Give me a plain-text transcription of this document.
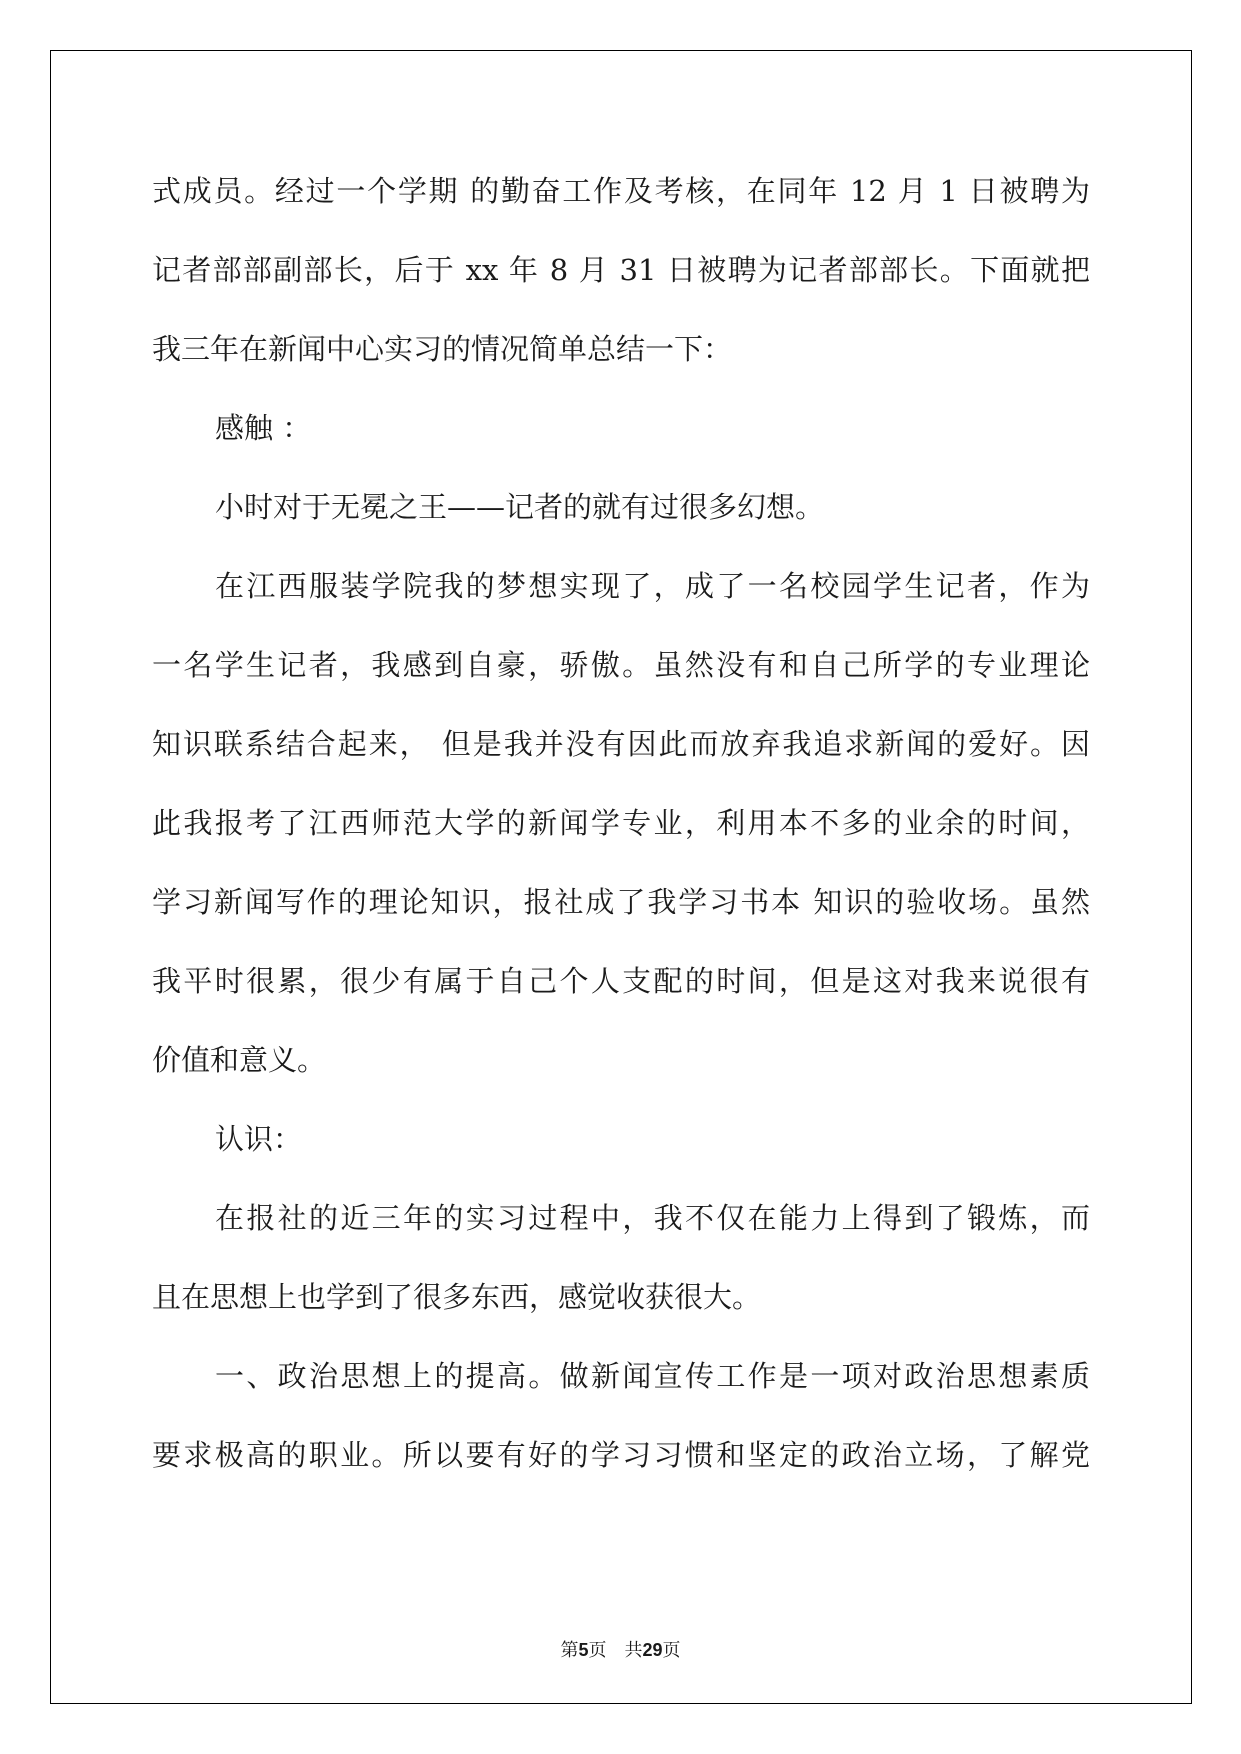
式成员。经过一个学期 的勤奋工作及考核，在同年 12 月 1 日被聘为

记者部部副部长，后于 xx 年 8 月 31 日被聘为记者部部长。下面就把

我三年在新闻中心实习的情况简单总结一下：

感触 ：

小时对于无冕之王——记者的就有过很多幻想。

在江西服装学院我的梦想实现了，成了一名校园学生记者，作为

一名学生记者，我感到自豪，骄傲。虽然没有和自己所学的专业理论

知识联系结合起来， 但是我并没有因此而放弃我追求新闻的爱好。因

此我报考了江西师范大学的新闻学专业，利用本不多的业余的时间，

学习新闻写作的理论知识，报社成了我学习书本 知识的验收场。虽然

我平时很累，很少有属于自己个人支配的时间，但是这对我来说很有

价值和意义。

认识：

在报社的近三年的实习过程中，我不仅在能力上得到了锻炼，而

且在思想上也学到了很多东西，感觉收获很大。

一、政治思想上的提高。做新闻宣传工作是一项对政治思想素质

要求极高的职业。所以要有好的学习习惯和坚定的政治立场，了解党

第5页 共29页
